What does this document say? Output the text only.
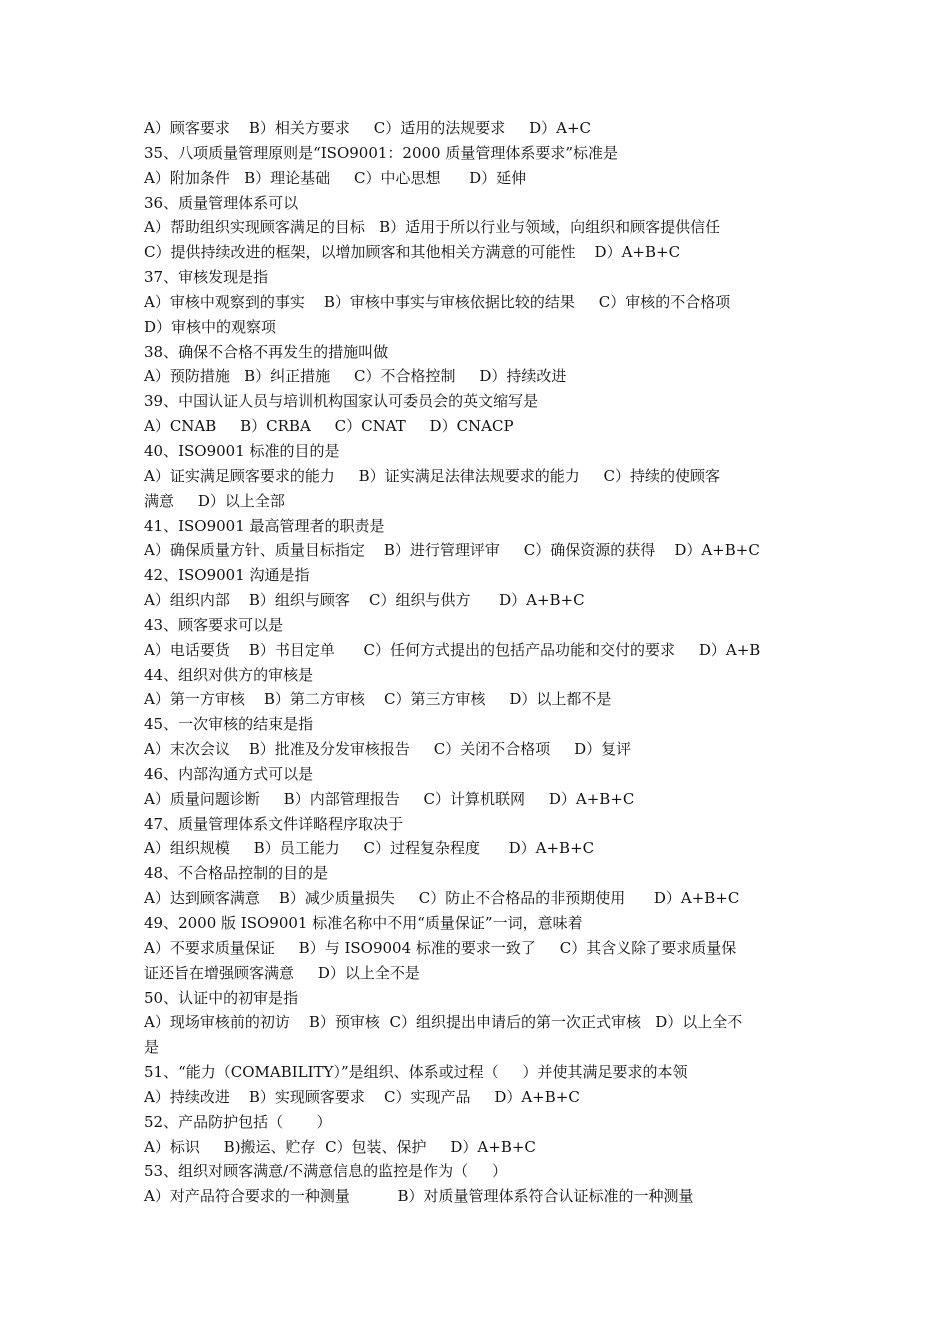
A）顾客要求    B）相关方要求     C）适用的法规要求     D）A+C
35、八项质量管理原则是“ISO9001：2000 质量管理体系要求”标准是
A）附加条件   B）理论基础     C）中心思想      D）延伸
36、质量管理体系可以
A）帮助组织实现顾客满足的目标   B）适用于所以行业与领域，向组织和顾客提供信任
C）提供持续改进的框架，以增加顾客和其他相关方满意的可能性    D）A+B+C
37、审核发现是指
A）审核中观察到的事实    B）审核中事实与审核依据比较的结果     C）审核的不合格项
D）审核中的观察项
38、确保不合格不再发生的措施叫做
A）预防措施   B）纠正措施     C）不合格控制     D）持续改进
39、中国认证人员与培训机构国家认可委员会的英文缩写是
A）CNAB     B）CRBA     C）CNAT     D）CNACP
40、ISO9001 标准的目的是
A）证实满足顾客要求的能力     B）证实满足法律法规要求的能力     C）持续的使顾客
满意     D）以上全部
41、ISO9001 最高管理者的职责是
A）确保质量方针、质量目标指定    B）进行管理评审     C）确保资源的获得    D）A+B+C
42、ISO9001 沟通是指
A）组织内部    B）组织与顾客    C）组织与供方      D）A+B+C
43、顾客要求可以是
A）电话要货    B）书目定单      C）任何方式提出的包括产品功能和交付的要求     D）A+B
44、组织对供方的审核是
A）第一方审核    B）第二方审核    C）第三方审核     D）以上都不是
45、一次审核的结束是指
A）末次会议    B）批准及分发审核报告     C）关闭不合格项     D）复评
46、内部沟通方式可以是
A）质量问题诊断     B）内部管理报告     C）计算机联网     D）A+B+C
47、质量管理体系文件详略程序取决于
A）组织规模     B）员工能力     C）过程复杂程度      D）A+B+C
48、不合格品控制的目的是
A）达到顾客满意    B）减少质量损失     C）防止不合格品的非预期使用      D）A+B+C
49、2000 版 ISO9001 标准名称中不用“质量保证”一词，意味着
A）不要求质量保证     B）与 ISO9004 标准的要求一致了     C）其含义除了要求质量保
证还旨在增强顾客满意     D）以上全不是
50、认证中的初审是指
A）现场审核前的初访    B）预审核  C）组织提出申请后的第一次正式审核   D）以上全不
是
51、“能力（COMABILITY）”是组织、体系或过程（     ）并使其满足要求的本领
A）持续改进    B）实现顾客要求    C）实现产品     D）A+B+C
52、产品防护包括（       ）
A）标识     B)搬运、贮存  C）包装、保护     D）A+B+C
53、组织对顾客满意/不满意信息的监控是作为（     ）
A）对产品符合要求的一种测量          B）对质量管理体系符合认证标准的一种测量
